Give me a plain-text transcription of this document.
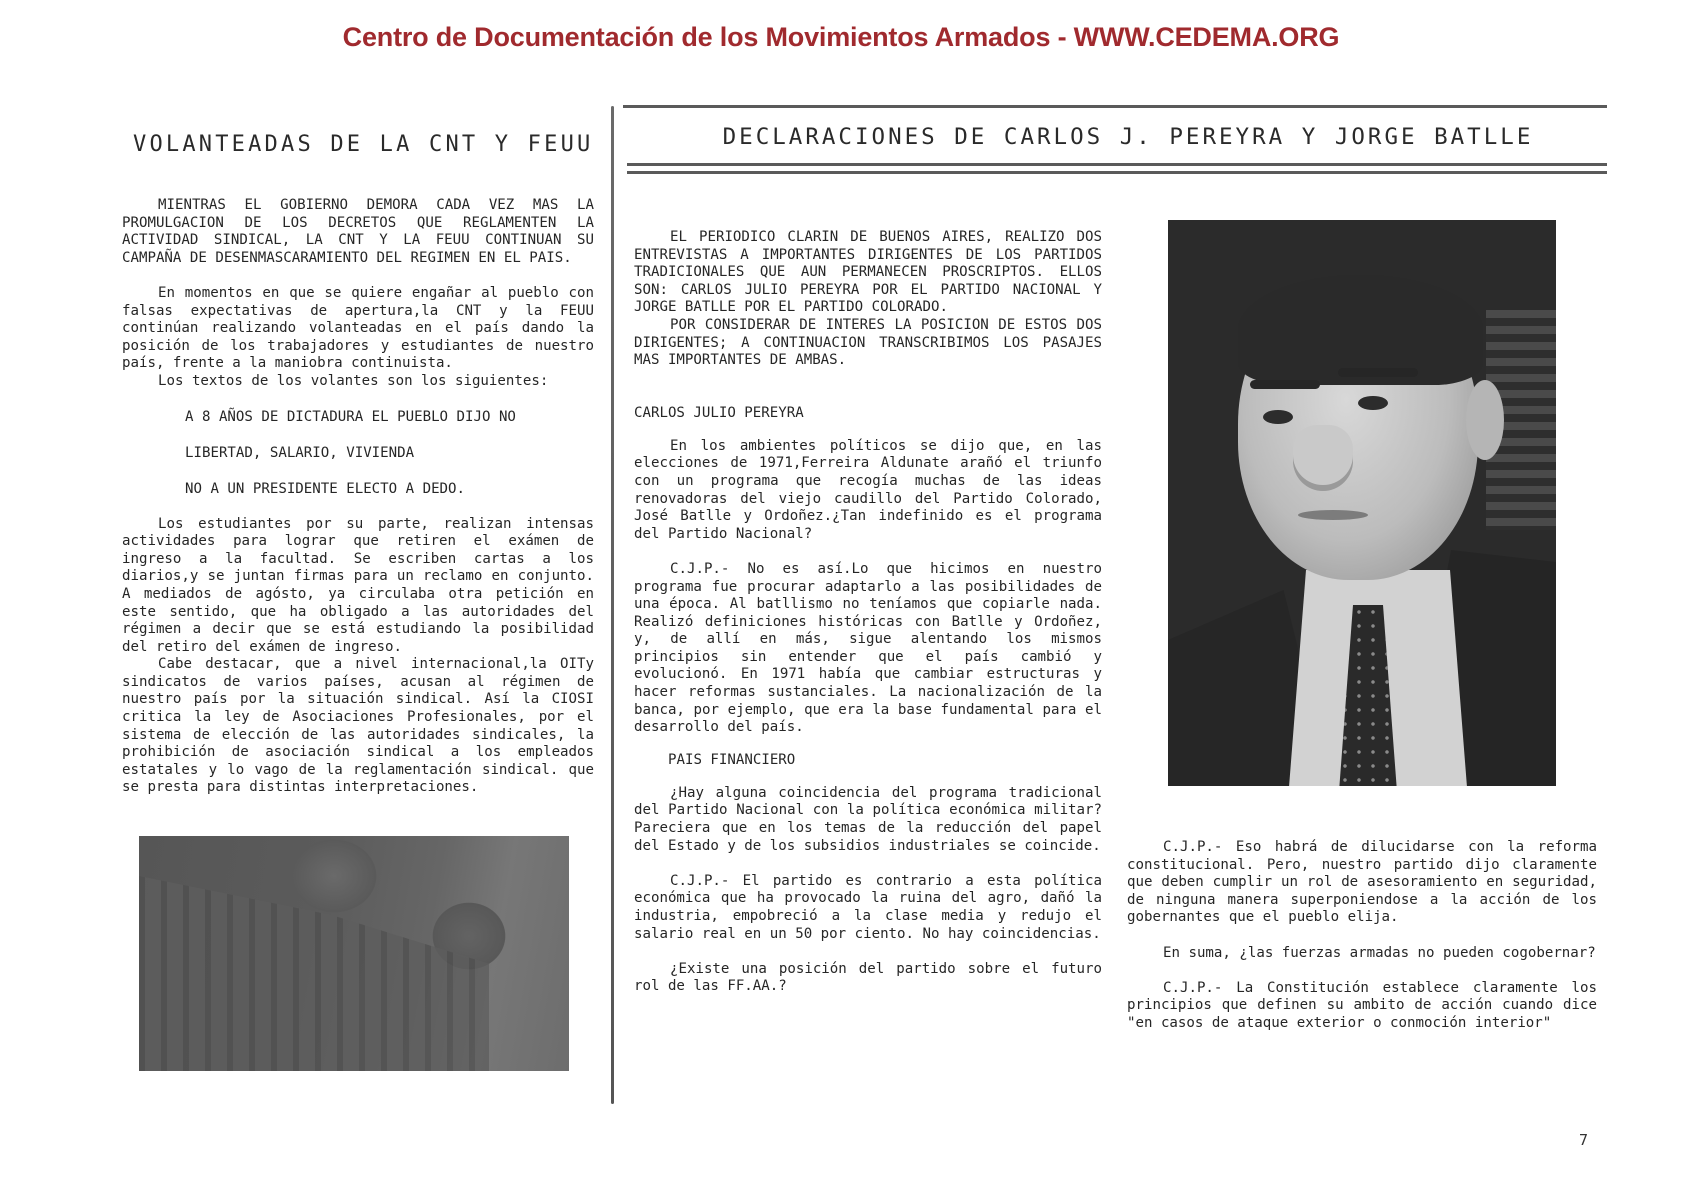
Centro de Documentación de los Movimientos Armados - WWW.CEDEMA.ORG
VOLANTEADAS DE LA CNT Y FEUU

MIENTRAS EL GOBIERNO DEMORA CADA VEZ MAS LA PROMULGACION DE LOS DECRETOS QUE REGLAMENTEN LA ACTIVIDAD SINDICAL, LA CNT Y LA FEUU CONTINUAN SU CAMPAÑA DE DESENMASCARAMIENTO DEL REGIMEN EN EL PAIS.

En momentos en que se quiere engañar al pueblo con falsas expectativas de apertura,la CNT y la FEUU continúan realizando volanteadas en el país dando la posición de los trabajadores y estudiantes de nuestro país, frente a la maniobra continuista.

Los textos de los volantes son los siguientes:

A 8 AÑOS DE DICTADURA EL PUEBLO DIJO NO
LIBERTAD, SALARIO, VIVIENDA
NO A UN PRESIDENTE ELECTO A DEDO.

Los estudiantes por su parte, realizan intensas actividades para lograr que retiren el exámen de ingreso a la facultad. Se escriben cartas a los diarios,y se juntan firmas para un reclamo en conjunto. A mediados de agósto, ya circulaba otra petición en este sentido, que ha obligado a las autoridades del régimen a decir que se está estudiando la posibilidad del retiro del exámen de ingreso.

Cabe destacar, que a nivel internacional,la OITy sindicatos de varios países, acusan al régimen de nuestro país por la situación sindical. Así la CIOSI critica la ley de Asociaciones Profesionales, por el sistema de elección de las autoridades sindicales, la prohibición de asociación sindical a los empleados estatales y lo vago de la reglamentación sindical. que se presta para distintas interpretaciones.

DECLARACIONES DE CARLOS J. PEREYRA Y JORGE BATLLE

EL PERIODICO CLARIN DE BUENOS AIRES, REALIZO DOS ENTREVISTAS A IMPORTANTES DIRIGENTES DE LOS PARTIDOS TRADICIONALES QUE AUN PERMANECEN PROSCRIPTOS. ELLOS SON: CARLOS JULIO PEREYRA POR EL PARTIDO NACIONAL Y JORGE BATLLE POR EL PARTIDO COLORADO.

POR CONSIDERAR DE INTERES LA POSICION DE ESTOS DOS DIRIGENTES; A CONTINUACION TRANSCRIBIMOS LOS PASAJES MAS IMPORTANTES DE AMBAS.

CARLOS JULIO PEREYRA

En los ambientes políticos se dijo que, en las elecciones de 1971,Ferreira Aldunate arañó el triunfo con un programa que recogía muchas de las ideas renovadoras del viejo caudillo del Partido Colorado, José Batlle y Ordoñez.¿Tan indefinido es el programa del Partido Nacional?

C.J.P.- No es así.Lo que hicimos en nuestro programa fue procurar adaptarlo a las posibilidades de una época. Al batllismo no teníamos que copiarle nada. Realizó definiciones históricas con Batlle y Ordoñez, y, de allí en más, sigue alentando los mismos principios sin entender que el país cambió y evolucionó. En 1971 había que cambiar estructuras y hacer reformas sustanciales. La nacionalización de la banca, por ejemplo, que era la base fundamental para el desarrollo del país.

PAIS FINANCIERO

¿Hay alguna coincidencia del programa tradicional del Partido Nacional con la política económica militar? Pareciera que en los temas de la reducción del papel del Estado y de los subsidios industriales se coincide.

C.J.P.- El partido es contrario a esta política económica que ha provocado la ruina del agro, dañó la industria, empobreció a la clase media y redujo el salario real en un 50 por ciento. No hay coincidencias.

¿Existe una posición del partido sobre el futuro rol de las FF.AA.?

C.J.P.- Eso habrá de dilucidarse con la reforma constitucional. Pero, nuestro partido dijo claramente que deben cumplir un rol de asesoramiento en seguridad, de ninguna manera superponiendose a la acción de los gobernantes que el pueblo elija.

En suma, ¿las fuerzas armadas no pueden cogobernar?

C.J.P.- La Constitución establece claramente los principios que definen su ambito de acción cuando dice "en casos de ataque exterior o conmoción interior"

7
